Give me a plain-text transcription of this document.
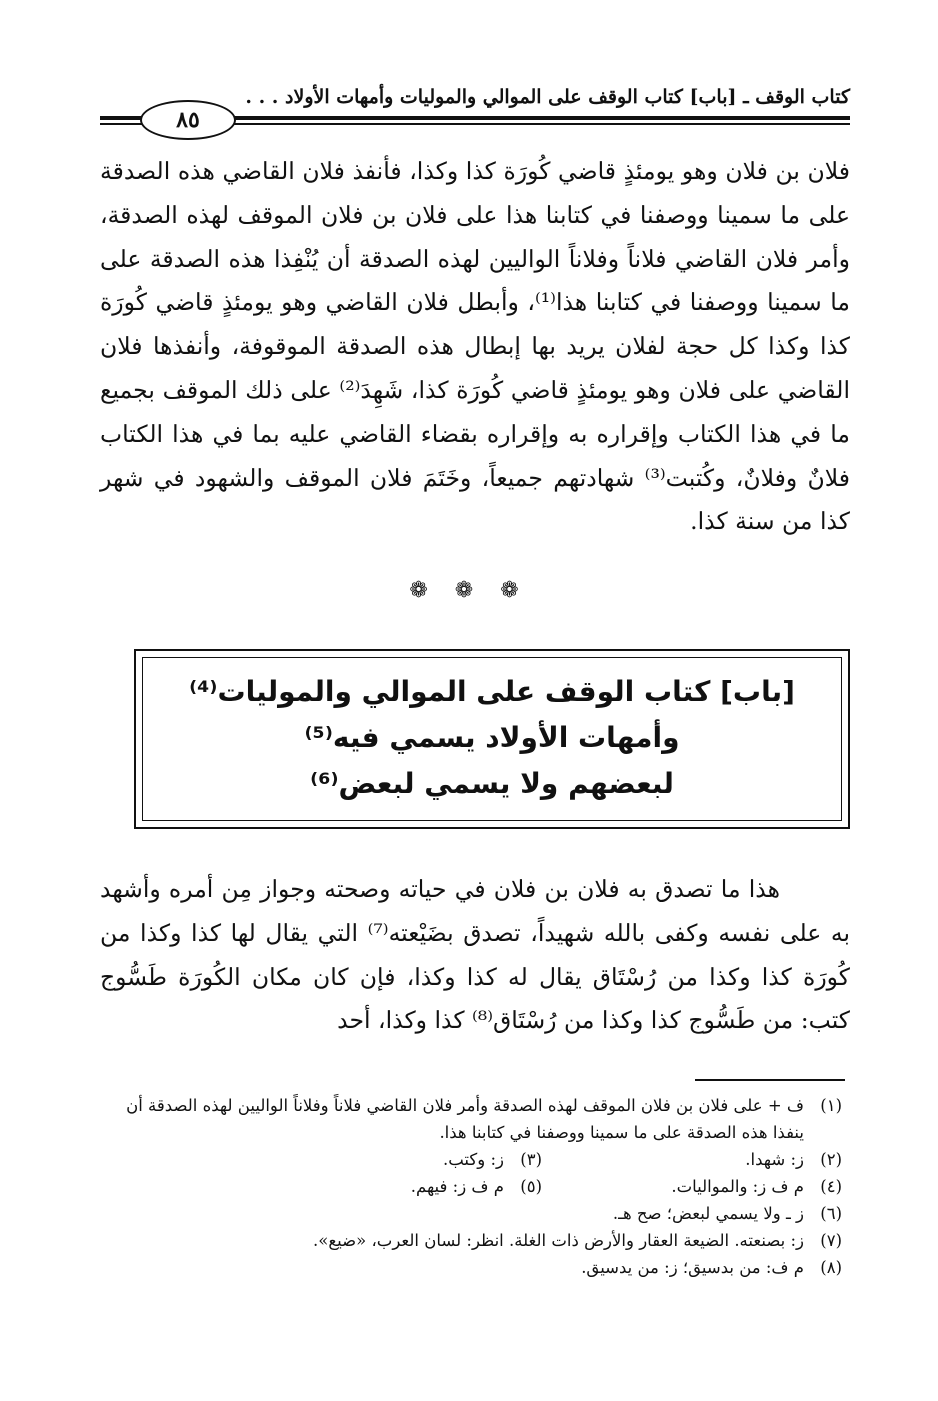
كتاب الوقف ـ [باب] كتاب الوقف على الموالي والموليات وأمهات الأولاد . . .
٨٥

فلان بن فلان وهو يومئذٍ قاضي كُورَة كذا وكذا، فأنفذ فلان القاضي هذه الصدقة على ما سمينا ووصفنا في كتابنا هذا على فلان بن فلان الموقف لهذه الصدقة، وأمر فلان القاضي فلاناً وفلاناً الواليين لهذه الصدقة أن يُنْفِذا هذه الصدقة على ما سمينا ووصفنا في كتابنا هذا⁽¹⁾، وأبطل فلان القاضي وهو يومئذٍ قاضي كُورَة كذا وكذا كل حجة لفلان يريد بها إبطال هذه الصدقة الموقوفة، وأنفذها فلان القاضي على فلان وهو يومئذٍ قاضي كُورَة كذا، شَهِدَ⁽²⁾ على ذلك الموقف بجميع ما في هذا الكتاب وإقراره به وإقراره بقضاء القاضي عليه بما في هذا الكتاب فلانٌ وفلانٌ، وكُتبت⁽³⁾ شهادتهم جميعاً، وخَتَمَ فلان الموقف والشهود في شهر كذا من سنة كذا.

❁ ❁ ❁
[باب] كتاب الوقف على الموالي والموليات⁽⁴⁾
وأمهات الأولاد يسمي فيه⁽⁵⁾
لبعضهم ولا يسمي لبعض⁽⁶⁾

هذا ما تصدق به فلان بن فلان في حياته وصحته وجواز مِن أمره وأشهد به على نفسه وكفى بالله شهيداً، تصدق بضَيْعته⁽⁷⁾ التي يقال لها كذا وكذا من كُورَة كذا وكذا من رُسْتَاق يقال له كذا وكذا، فإن كان مكان الكُورَة طَسُّوج كتب: من طَسُّوج كذا وكذا من رُسْتَاق⁽⁸⁾ كذا وكذا، أحد

(١)
ف + على فلان بن فلان الموقف لهذه الصدقة وأمر فلان القاضي فلاناً وفلاناً الواليين لهذه الصدقة أن ينفذا هذه الصدقة على ما سمينا ووصفنا في كتابنا هذا.
(٢)
ز: شهدا.
(٣)
ز: وكتب.
(٤)
م ف ز: والمواليات.
(٥)
م ف ز: فيهم.
(٦)
ز ـ ولا يسمي لبعض؛ صح هـ.
(٧)
ز: بصنعته. الضيعة العقار والأرض ذات الغلة. انظر: لسان العرب، «ضيع».
(٨)
م ف: من بدسيق؛ ز: من يدسيق.
